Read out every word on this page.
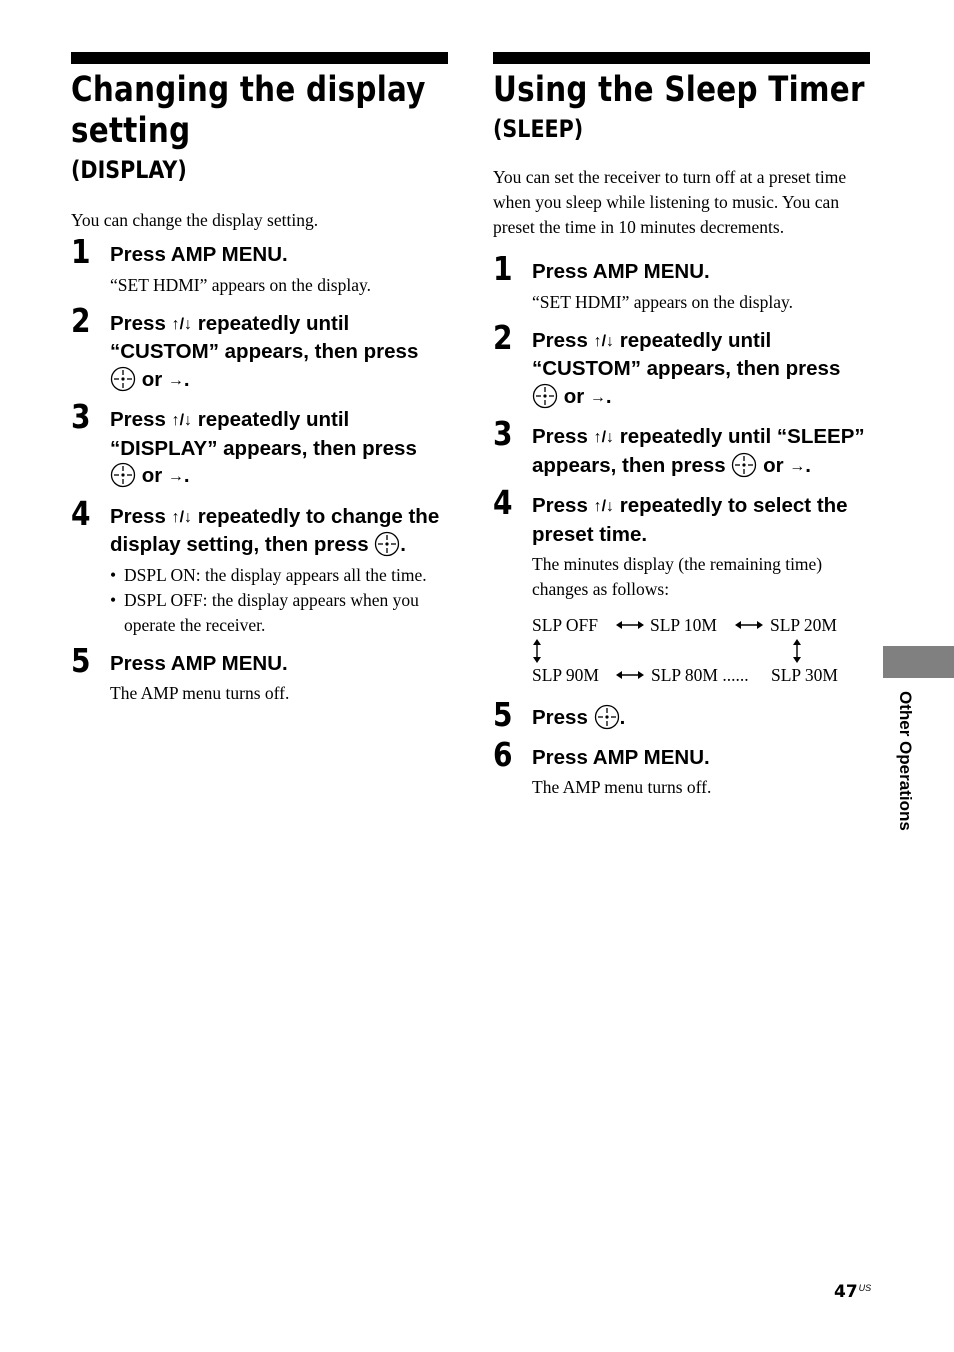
Changing the display setting
(DISPLAY)

You can change the display setting.

1 Press AMP MENU.

“SET HDMI” appears on the display.

2 Press ↑/↓ repeatedly until “CUSTOM” appears, then press  or →.

3 Press ↑/↓ repeatedly until “DISPLAY” appears, then press  or →.

4 Press ↑/↓ repeatedly to change the display setting, then press .

• DSPL ON: the display appears all the time.
• DSPL OFF: the display appears when you operate the receiver.
5 Press AMP MENU.

The AMP menu turns off.

Using the Sleep Timer
(SLEEP)

You can set the receiver to turn off at a preset time when you sleep while listening to music. You can preset the time in 10 minutes decrements.

1 Press AMP MENU.

“SET HDMI” appears on the display.

2 Press ↑/↓ repeatedly until “CUSTOM” appears, then press  or →.

3 Press ↑/↓ repeatedly until “SLEEP” appears, then press  or →.

4 Press ↑/↓ repeatedly to select the preset time.

The minutes display (the remaining time) changes as follows:

SLP OFF	SLP 10M	SLP 20M
SLP 90M	SLP 80M ...... SLP 30M
5 Press .

6 Press AMP MENU.

The AMP menu turns off.	Other Operations
$47^{US}$
